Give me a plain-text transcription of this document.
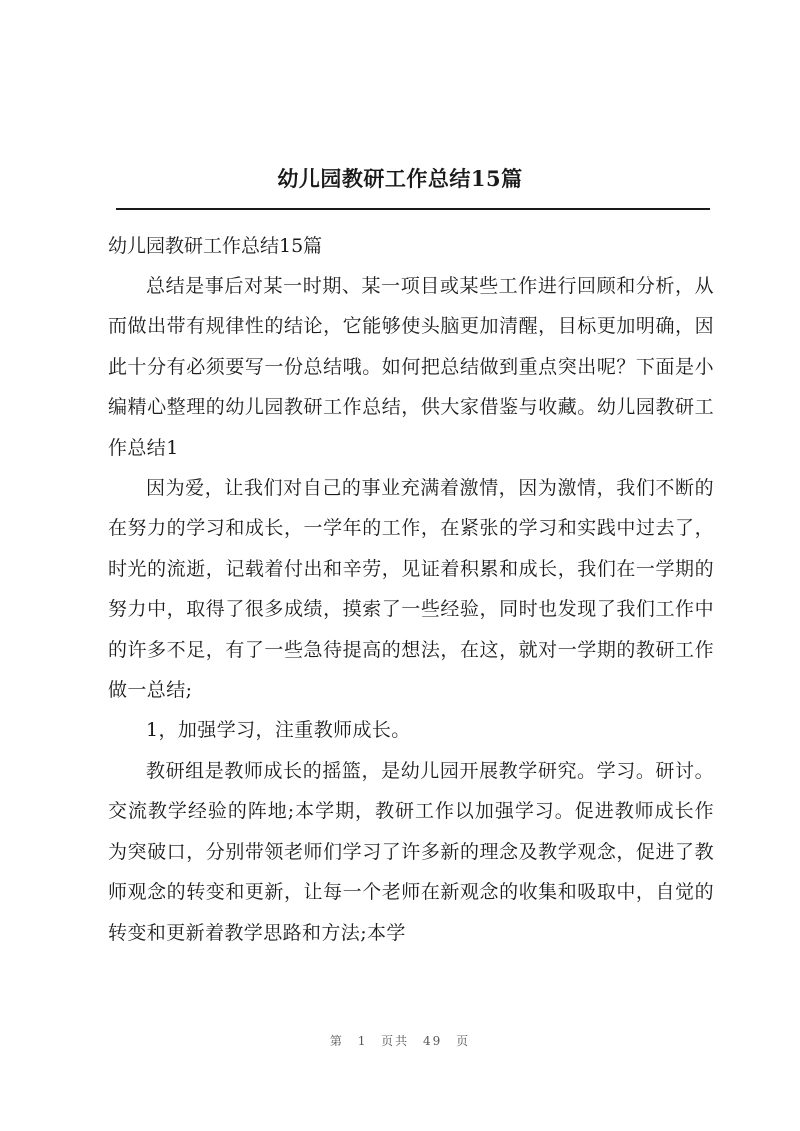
幼儿园教研工作总结15篇

幼儿园教研工作总结15篇

总结是事后对某一时期、某一项目或某些工作进行回顾和分析，从而做出带有规律性的结论，它能够使头脑更加清醒，目标更加明确，因此十分有必须要写一份总结哦。如何把总结做到重点突出呢？下面是小编精心整理的幼儿园教研工作总结，供大家借鉴与收藏。幼儿园教研工作总结1

因为爱，让我们对自己的事业充满着激情，因为激情，我们不断的在努力的学习和成长，一学年的工作，在紧张的学习和实践中过去了，时光的流逝，记载着付出和辛劳，见证着积累和成长，我们在一学期的努力中，取得了很多成绩，摸索了一些经验，同时也发现了我们工作中的许多不足，有了一些急待提高的想法，在这，就对一学期的教研工作做一总结;

1，加强学习，注重教师成长。

教研组是教师成长的摇篮，是幼儿园开展教学研究。学习。研讨。交流教学经验的阵地;本学期，教研工作以加强学习。促进教师成长作为突破口，分别带领老师们学习了许多新的理念及教学观念，促进了教师观念的转变和更新，让每一个老师在新观念的收集和吸取中，自觉的转变和更新着教学思路和方法;本学

第 1 页共 49 页
